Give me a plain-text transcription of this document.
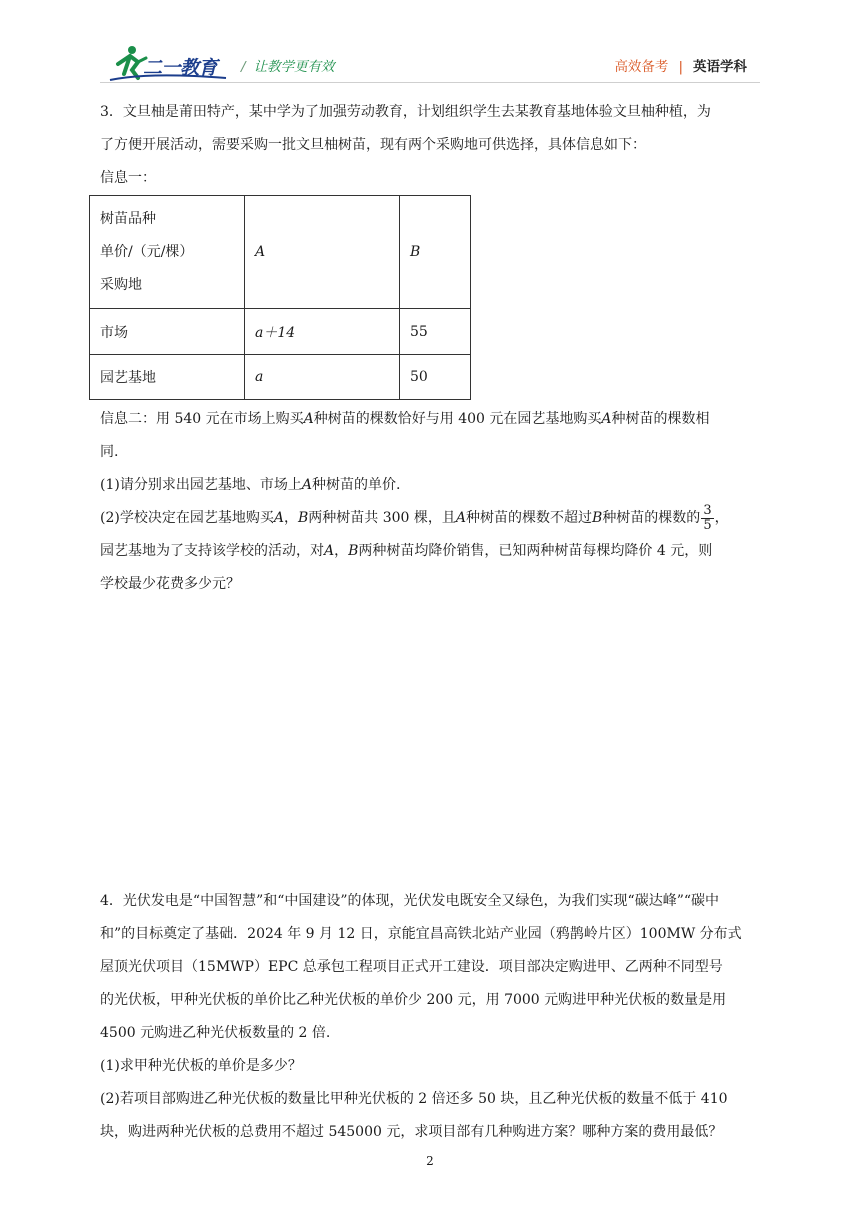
二一教育 / 让教学更有效	高效备考 | 英语学科
3．文旦柚是莆田特产，某中学为了加强劳动教育，计划组织学生去某教育基地体验文旦柚种植，为
了方便开展活动，需要采购一批文旦柚树苗，现有两个采购地可供选择，具体信息如下：
信息一：
树苗品种
单价/（元/棵）
采购地	A	B
市场	a＋14	55
园艺基地	a	50
信息二：用 540 元在市场上购买A种树苗的棵数恰好与用 400 元在园艺基地购买A种树苗的棵数相
同.
(1)请分别求出园艺基地、市场上A种树苗的单价.
(2)学校决定在园艺基地购买A，B两种树苗共 300 棵，且A种树苗的棵数不超过B种树苗的棵数的 $\frac{3}{5}$ ，
园艺基地为了支持该学校的活动，对A，B两种树苗均降价销售，已知两种树苗每棵均降价 4 元，则
学校最少花费多少元？
4．光伏发电是“中国智慧”和“中国建设”的体现，光伏发电既安全又绿色，为我们实现“碳达峰”“碳中
和”的目标奠定了基础．2024 年 9 月 12 日，京能宜昌高铁北站产业园（鸦鹊岭片区）100MW 分布式
屋顶光伏项目（15MWP）EPC 总承包工程项目正式开工建设．项目部决定购进甲、乙两种不同型号
的光伏板，甲种光伏板的单价比乙种光伏板的单价少 200 元，用 7000 元购进甲种光伏板的数量是用
4500 元购进乙种光伏板数量的 2 倍.
(1)求甲种光伏板的单价是多少？
(2)若项目部购进乙种光伏板的数量比甲种光伏板的 2 倍还多 50 块，且乙种光伏板的数量不低于 410
块，购进两种光伏板的总费用不超过 545000 元，求项目部有几种购进方案？哪种方案的费用最低？
2
